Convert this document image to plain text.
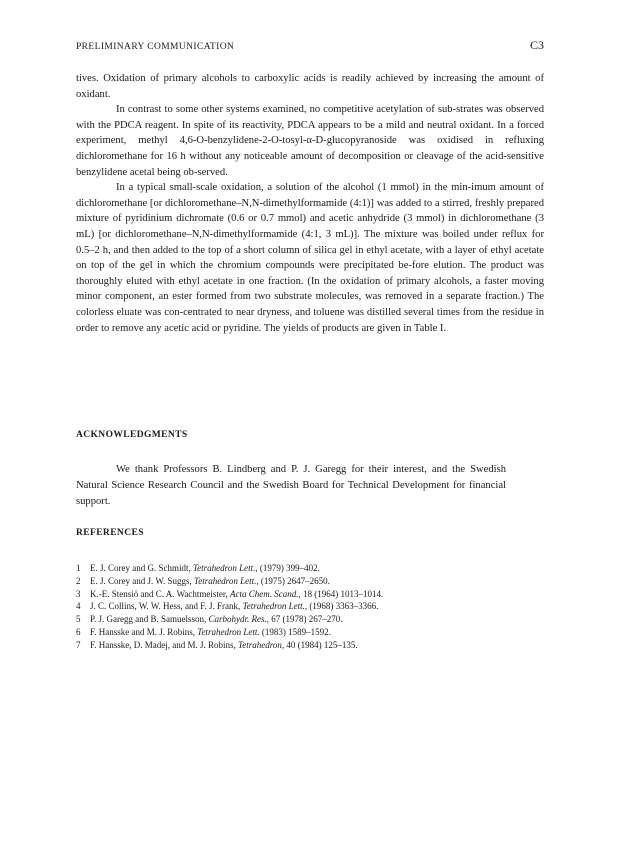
PRELIMINARY COMMUNICATION	C3

tives. Oxidation of primary alcohols to carboxylic acids is readily achieved by increasing the amount of oxidant.

In contrast to some other systems examined, no competitive acetylation of sub-strates was observed with the PDCA reagent. In spite of its reactivity, PDCA appears to be a mild and neutral oxidant. In a forced experiment, methyl 4,6-O-benzylidene-2-O-tosyl-α-D-glucopyranoside was oxidised in refluxing dichloromethane for 16 h without any noticeable amount of decomposition or cleavage of the acid-sensitive benzylidene acetal being ob-served.

In a typical small-scale oxidation, a solution of the alcohol (1 mmol) in the min-imum amount of dichloromethane [or dichloromethane–N,N-dimethylformamide (4:1)] was added to a stirred, freshly prepared mixture of pyridinium dichromate (0.6 or 0.7 mmol) and acetic anhydride (3 mmol) in dichloromethane (3 mL) [or dichloromethane–N,N-dimethylformamide (4:1, 3 mL)]. The mixture was boiled under reflux for 0.5–2 h, and then added to the top of a short column of silica gel in ethyl acetate, with a layer of ethyl acetate on top of the gel in which the chromium compounds were precipitated be-fore elution. The product was thoroughly eluted with ethyl acetate in one fraction. (In the oxidation of primary alcohols, a faster moving minor component, an ester formed from two substrate molecules, was removed in a separate fraction.) The colorless eluate was con-centrated to near dryness, and toluene was distilled several times from the residue in order to remove any acetic acid or pyridine. The yields of products are given in Table I.

ACKNOWLEDGMENTS

We thank Professors B. Lindberg and P. J. Garegg for their interest, and the Swedish Natural Science Research Council and the Swedish Board for Technical Development for financial support.

REFERENCES
1	E. J. Corey and G. Schmidt, Tetrahedron Lett., (1979) 399–402.
2	E. J. Corey and J. W. Suggs, Tetrahedron Lett., (1975) 2647–2650.
3	K.-E. Stensiö and C. A. Wachtmeister, Acta Chem. Scand., 18 (1964) 1013–1014.
4	J. C. Collins, W. W. Hess, and F. J. Frank, Tetrahedron Lett., (1968) 3363–3366.
5	P. J. Garegg and B. Samuelsson, Carbohydr. Res., 67 (1978) 267–270.
6	F. Hansske and M. J. Robins, Tetrahedron Lett. (1983) 1589–1592.
7	F. Hansske, D. Madej, and M. J. Robins, Tetrahedron, 40 (1984) 125–135.
